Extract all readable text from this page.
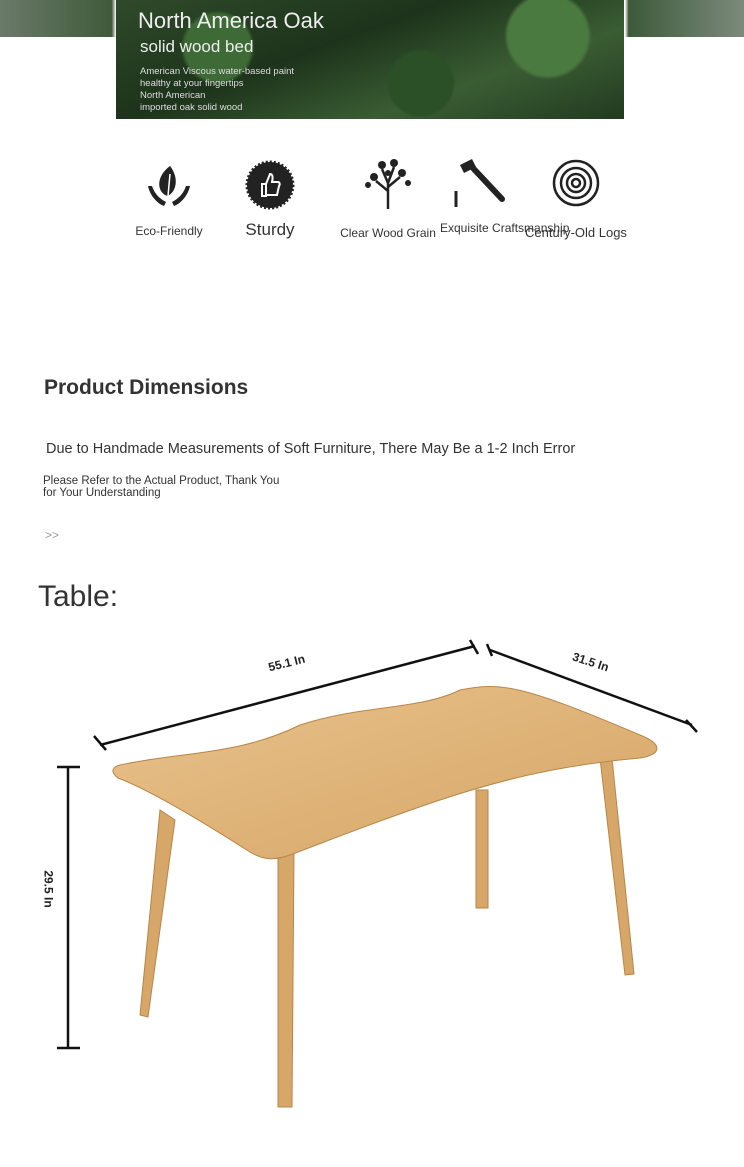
North America Oak
solid wood bed
American Viscous water-based paint
healthy at your fingertips
North American
imported oak solid wood
Eco-Friendly	Sturdy	Clear Wood Grain Exquisite Craftsmanship
Century-Old Logs
Product Dimensions
Due to Handmade Measurements of Soft Furniture, There May Be a 1-2 Inch Error
Please Refer to the Actual Product, Thank You
for Your Understanding
>>
Table:
55.1 In	31.5 In
29.5 In
